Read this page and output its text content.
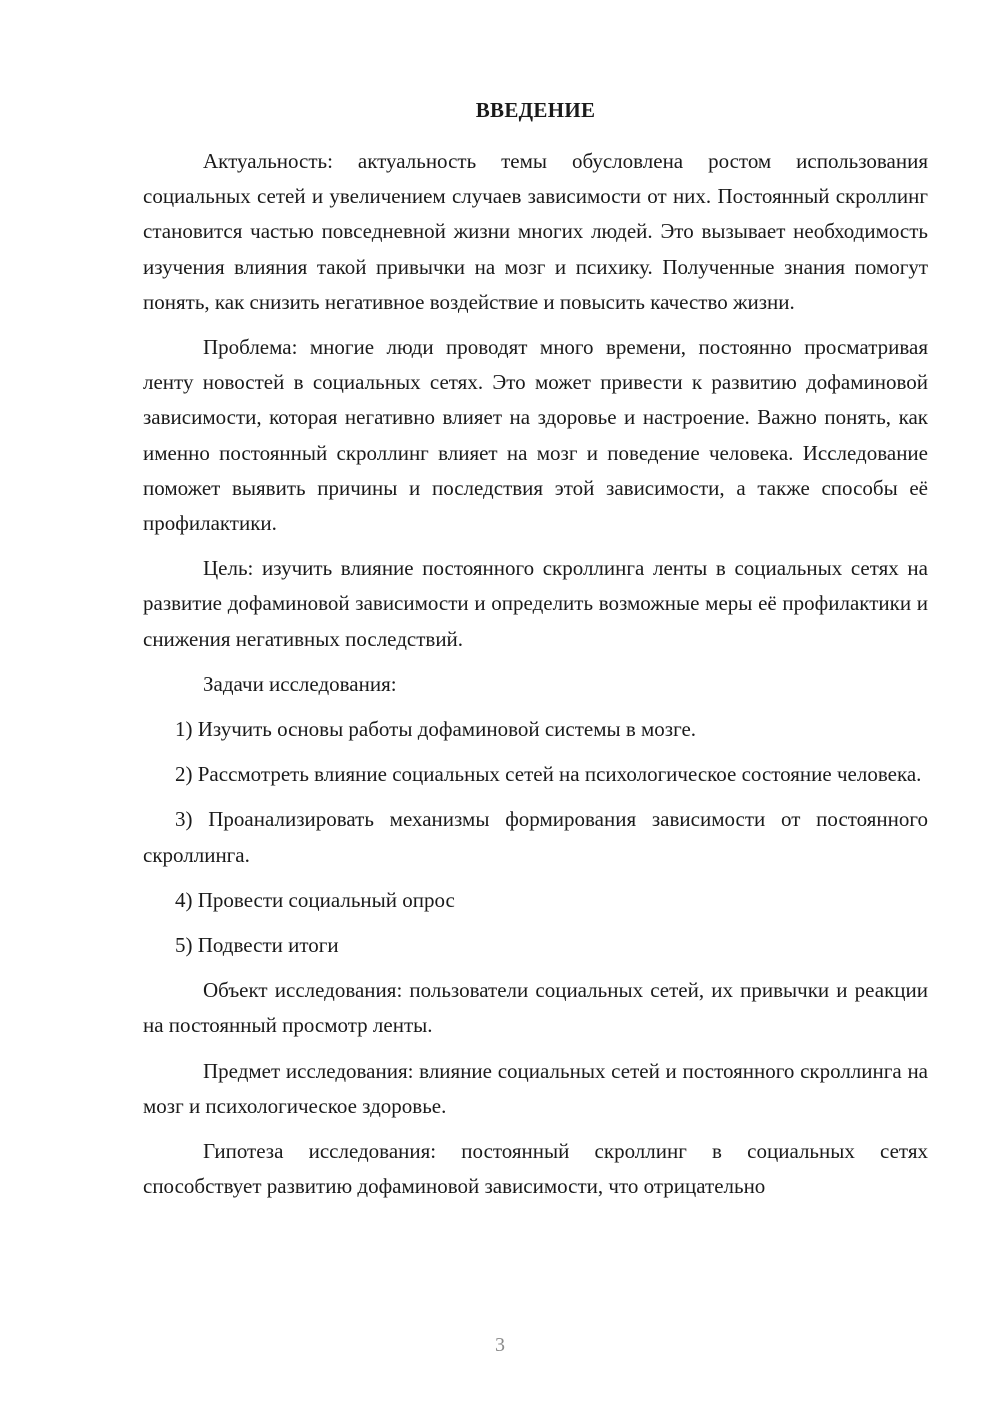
ВВЕДЕНИЕ

Актуальность: актуальность темы обусловлена ростом использования социальных сетей и увеличением случаев зависимости от них. Постоянный скроллинг становится частью повседневной жизни многих людей. Это вызывает необходимость изучения влияния такой привычки на мозг и психику. Полученные знания помогут понять, как снизить негативное воздействие и повысить качество жизни.

Проблема: многие люди проводят много времени, постоянно просматривая ленту новостей в социальных сетях. Это может привести к развитию дофаминовой зависимости, которая негативно влияет на здоровье и настроение. Важно понять, как именно постоянный скроллинг влияет на мозг и поведение человека. Исследование поможет выявить причины и последствия этой зависимости, а также способы её профилактики.

Цель: изучить влияние постоянного скроллинга ленты в социальных сетях на развитие дофаминовой зависимости и определить возможные меры её профилактики и снижения негативных последствий.

Задачи исследования:

1) Изучить основы работы дофаминовой системы в мозге.

2) Рассмотреть влияние социальных сетей на психологическое состояние человека.

3) Проанализировать механизмы формирования зависимости от постоянного скроллинга.

4) Провести социальный опрос

5) Подвести итоги

Объект исследования: пользователи социальных сетей, их привычки и реакции на постоянный просмотр ленты.

Предмет исследования: влияние социальных сетей и постоянного скроллинга на мозг и психологическое здоровье.

Гипотеза исследования: постоянный скроллинг в социальных сетях способствует развитию дофаминовой зависимости, что отрицательно

3
